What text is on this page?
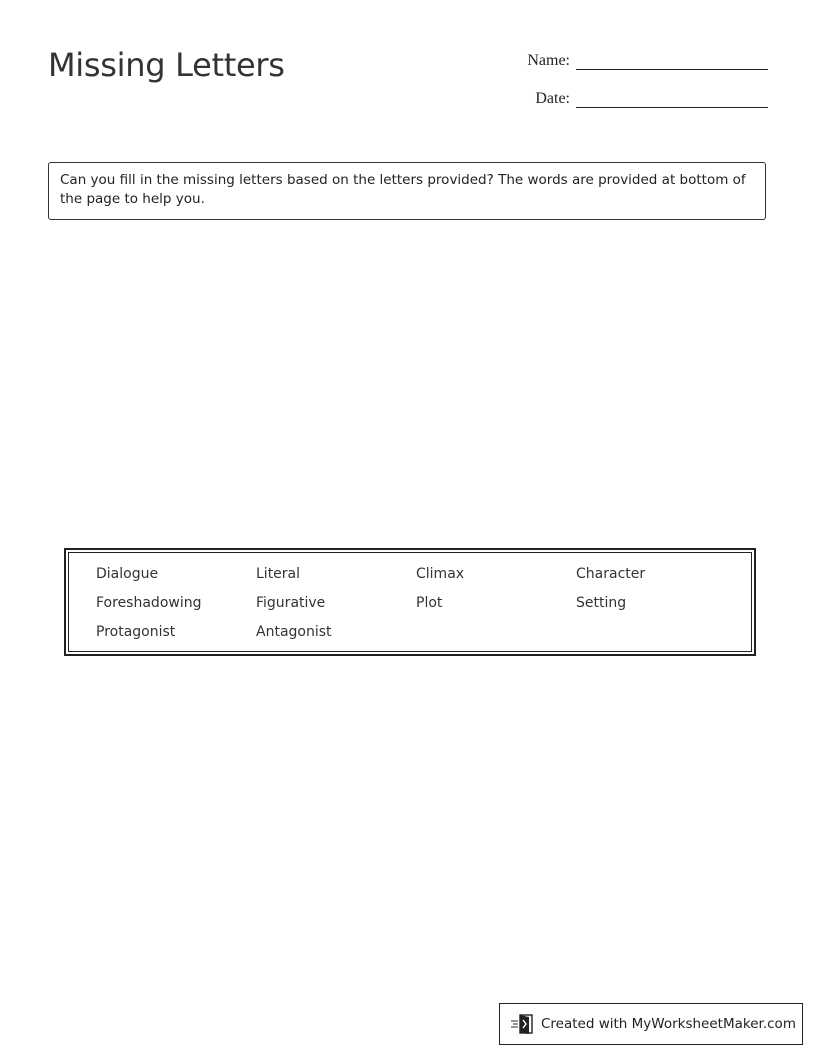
Missing Letters	Name:
Date:
Can you fill in the missing letters based on the letters provided? The words are provided at bottom of the page to help you.
Dialogue	Literal	Climax	Character
Foreshadowing	Figurative	Plot	Setting
Protagonist	Antagonist
Created with MyWorksheetMaker.com
